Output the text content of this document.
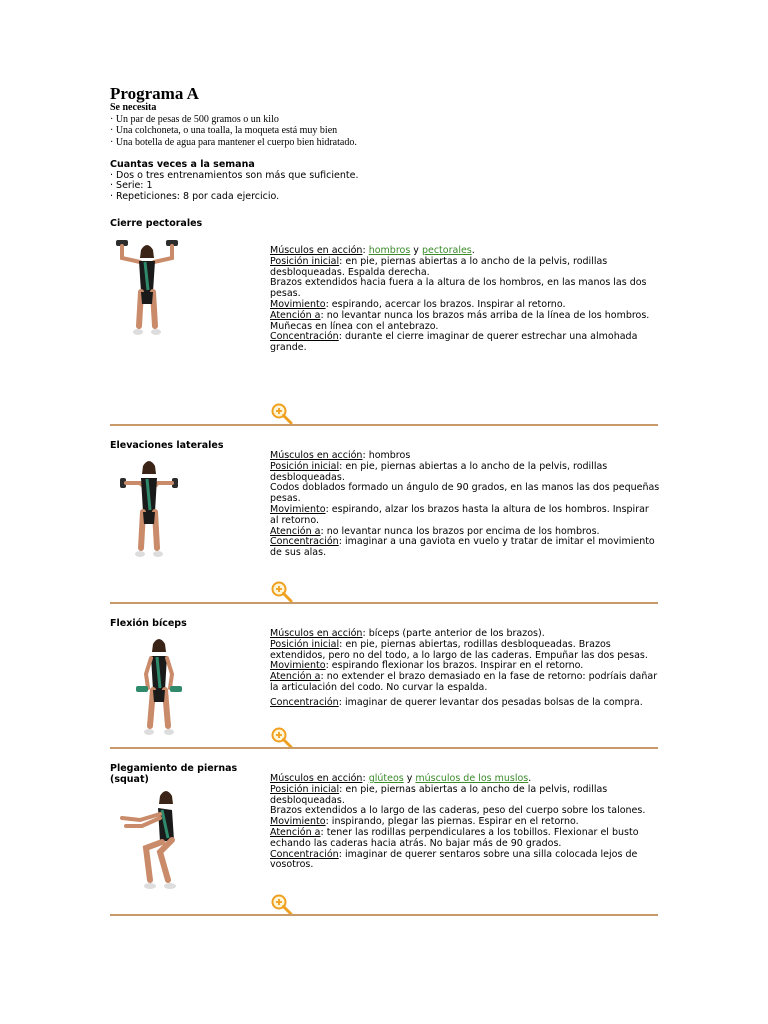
Programa A
Se necesita
· Un par de pesas de 500 gramos o un kilo
· Una colchoneta, o una toalla, la moqueta está muy bien
· Una botella de agua para mantener el cuerpo bien hidratado.
Cuantas veces a la semana
· Dos o tres entrenamientos son más que suficiente.
· Serie: 1
· Repeticiones: 8 por cada ejercicio.
Cierre pectorales
Músculos en acción: hombros y pectorales.
Posición inicial: en pie, piernas abiertas a lo ancho de la pelvis, rodillas desbloqueadas. Espalda derecha.
Brazos extendidos hacia fuera a la altura de los hombros, en las manos las dos pesas.
Movimiento: espirando, acercar los brazos. Inspirar al retorno.
Atención a: no levantar nunca los brazos más arriba de la línea de los hombros. Muñecas en línea con el antebrazo.
Concentración: durante el cierre imaginar de querer estrechar una almohada grande.
Elevaciones laterales
Músculos en acción: hombros
Posición inicial: en pie, piernas abiertas a lo ancho de la pelvis, rodillas desbloqueadas.
Codos doblados formado un ángulo de 90 grados, en las manos las dos pequeñas pesas.
Movimiento: espirando, alzar los brazos hasta la altura de los hombros. Inspirar al retorno.
Atención a: no levantar nunca los brazos por encima de los hombros.
Concentración: imaginar a una gaviota en vuelo y tratar de imitar el movimiento de sus alas.
Flexión bíceps
Músculos en acción: bíceps (parte anterior de los brazos).
Posición inicial: en pie, piernas abiertas, rodillas desbloqueadas. Brazos extendidos, pero no del todo, a lo largo de las caderas. Empuñar las dos pesas.
Movimiento: espirando flexionar los brazos. Inspirar en el retorno.
Atención a: no extender el brazo demasiado en la fase de retorno: podríais dañar la articulación del codo. No curvar la espalda.

Concentración: imaginar de querer levantar dos pesadas bolsas de la compra.
Plegamiento de piernas (squat)	Músculos en acción: glúteos y músculos de los muslos.
Posición inicial: en pie, piernas abiertas a lo ancho de la pelvis, rodillas desbloqueadas.
Brazos extendidos a lo largo de las caderas, peso del cuerpo sobre los talones.
Movimiento: inspirando, plegar las piernas. Espirar en el retorno.
Atención a: tener las rodillas perpendiculares a los tobillos. Flexionar el busto echando las caderas hacia atrás. No bajar más de 90 grados.
Concentración: imaginar de querer sentaros sobre una silla colocada lejos de vosotros.
